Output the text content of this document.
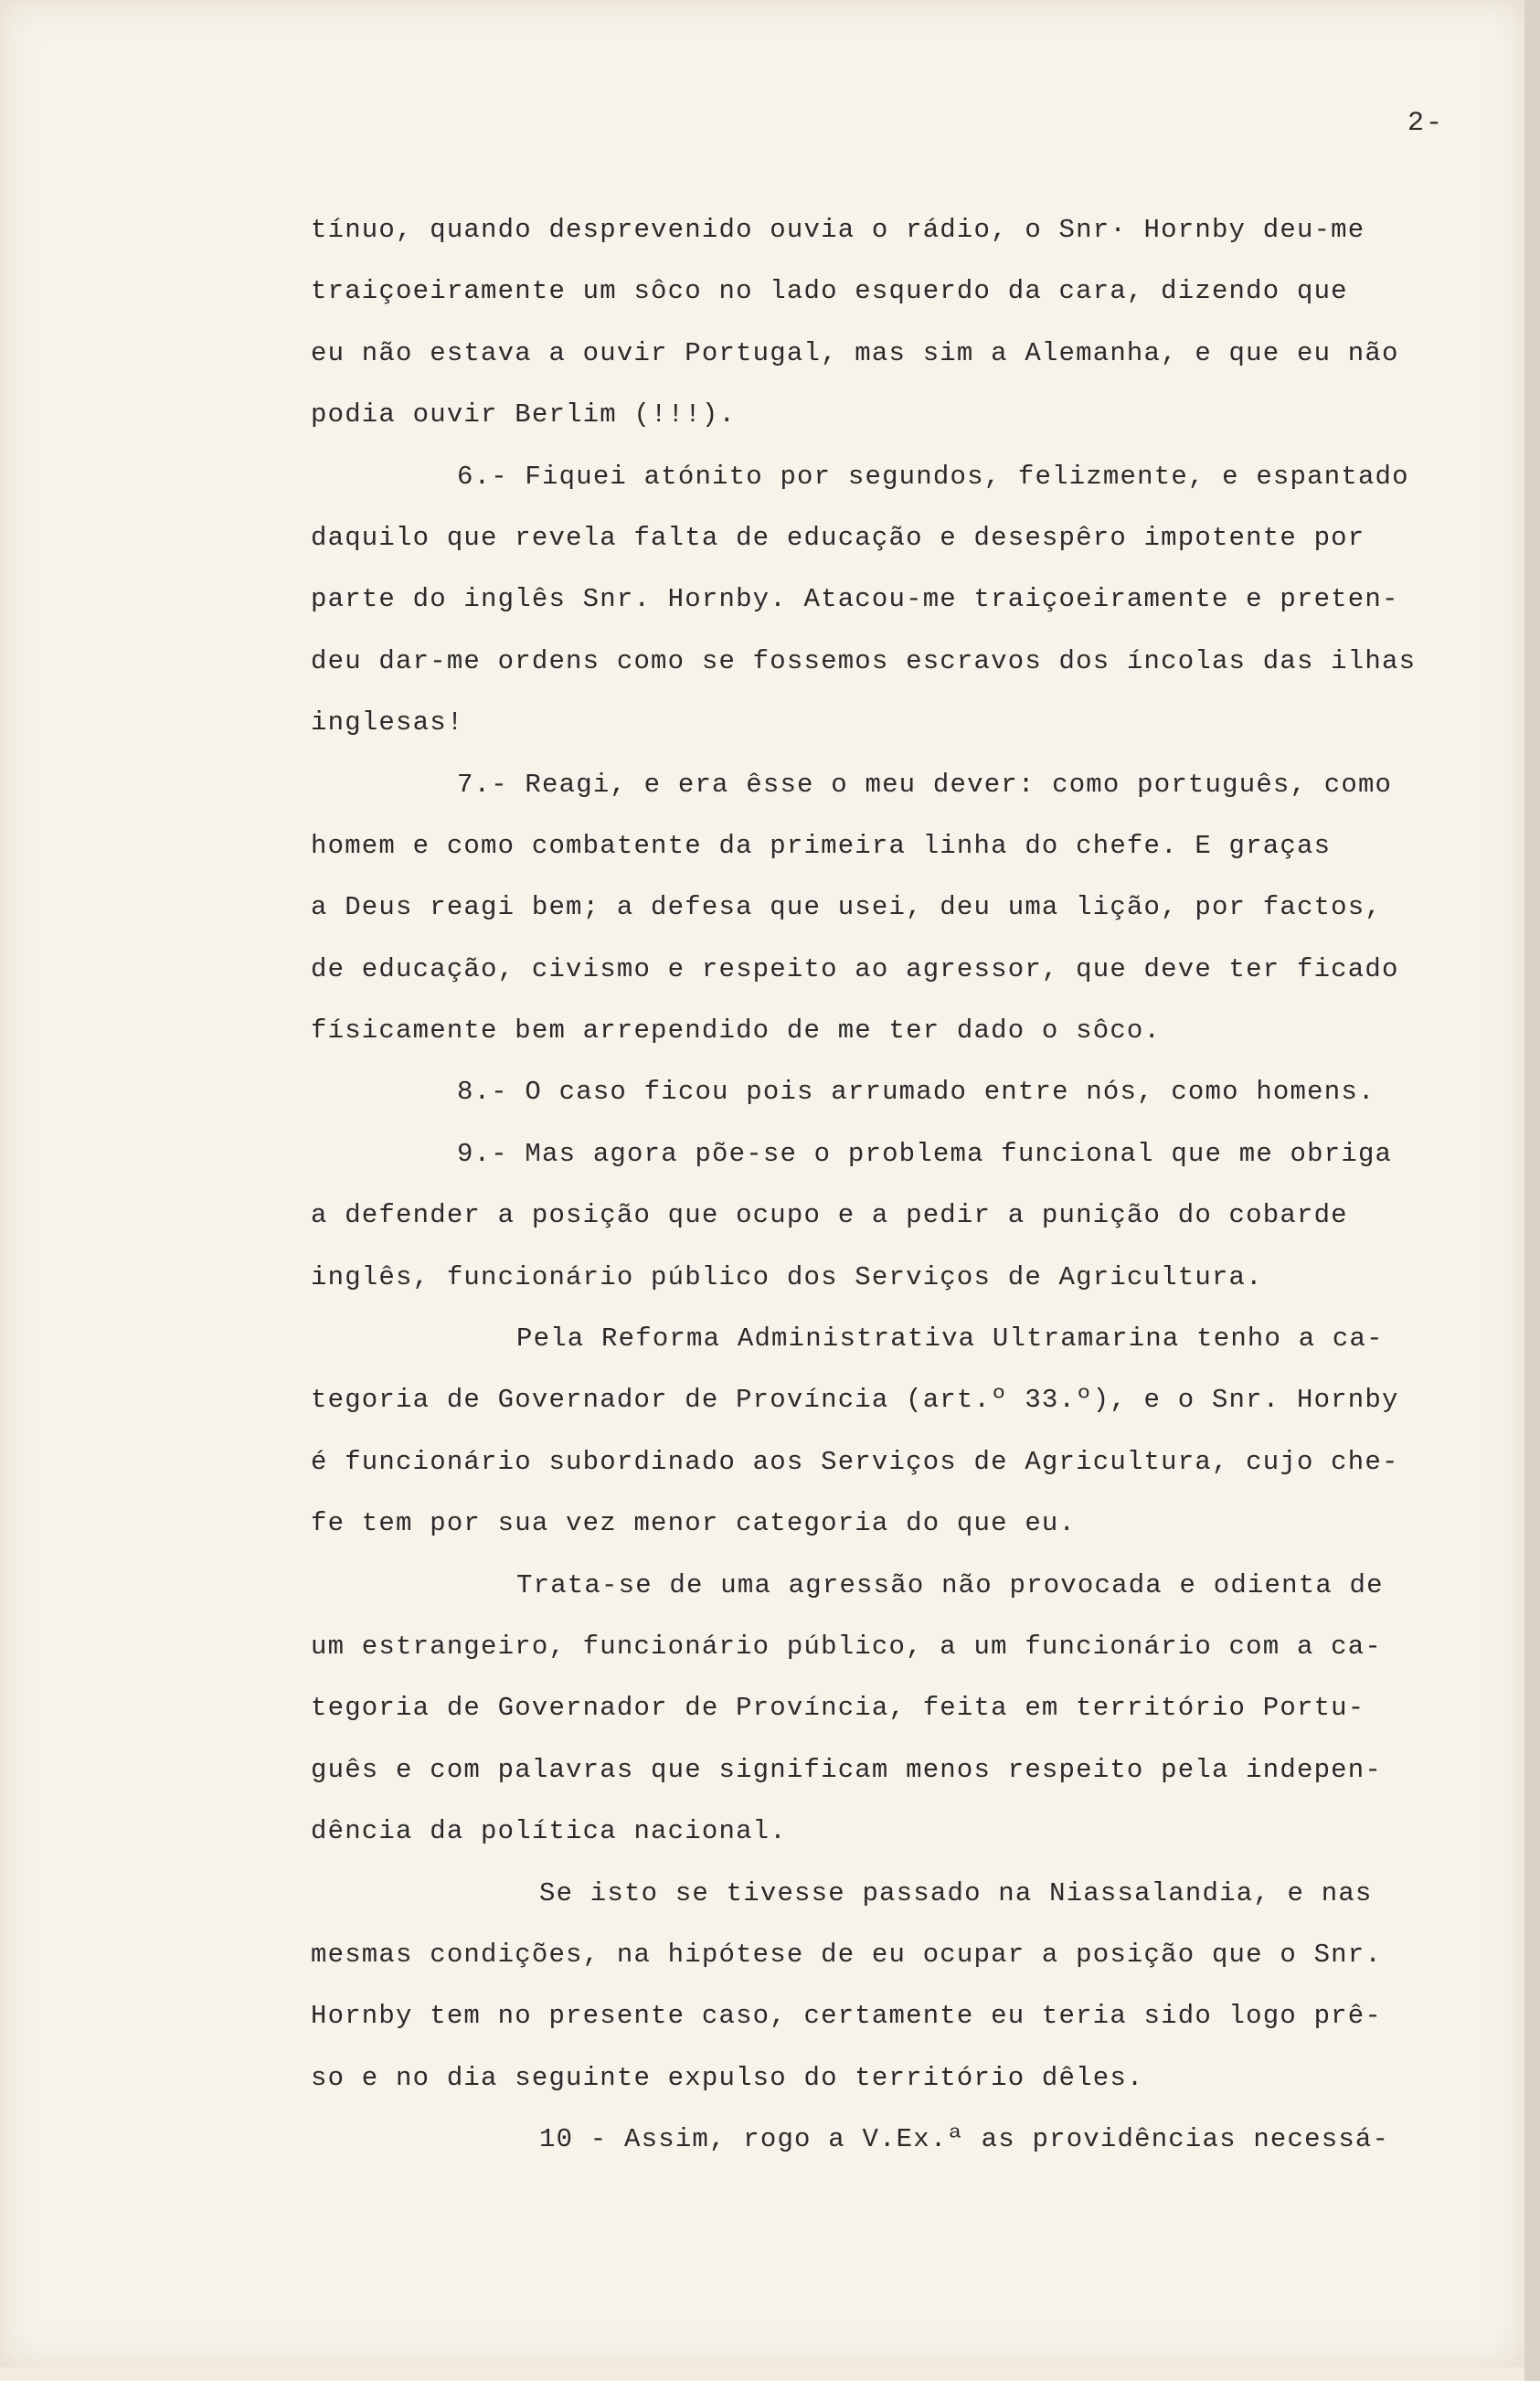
2-
tínuo, quando desprevenido ouvia o rádio, o Snr· Hornby deu-me
traiçoeiramente um sôco no lado esquerdo da cara, dizendo que
eu não estava a ouvir Portugal, mas sim a Alemanha, e que eu não
podia ouvir Berlim (!!!).
6.- Fiquei atónito por segundos, felizmente, e espantado
daquilo que revela falta de educação e desespêro impotente por
parte do inglês Snr. Hornby. Atacou-me traiçoeiramente e preten-
deu dar-me ordens como se fossemos escravos dos íncolas das ilhas
inglesas!
7.- Reagi, e era êsse o meu dever: como português, como
homem e como combatente da primeira linha do chefe. E graças
a Deus reagi bem; a defesa que usei, deu uma lição, por factos,
de educação, civismo e respeito ao agressor, que deve ter ficado
físicamente bem arrependido de me ter dado o sôco.
8.- O caso ficou pois arrumado entre nós, como homens.
9.- Mas agora põe-se o problema funcional que me obriga
a defender a posição que ocupo e a pedir a punição do cobarde
inglês, funcionário público dos Serviços de Agricultura.
Pela Reforma Administrativa Ultramarina tenho a ca-
tegoria de Governador de Província (art.º 33.º), e o Snr. Hornby
é funcionário subordinado aos Serviços de Agricultura, cujo che-
fe tem por sua vez menor categoria do que eu.
Trata-se de uma agressão não provocada e odienta de
um estrangeiro, funcionário público, a um funcionário com a ca-
tegoria de Governador de Província, feita em território Portu-
guês e com palavras que significam menos respeito pela indepen-
dência da política nacional.
Se isto se tivesse passado na Niassalandia, e nas
mesmas condições, na hipótese de eu ocupar a posição que o Snr.
Hornby tem no presente caso, certamente eu teria sido logo prê-
so e no dia seguinte expulso do território dêles.
10 - Assim, rogo a V.Ex.ª as providências necessá-
